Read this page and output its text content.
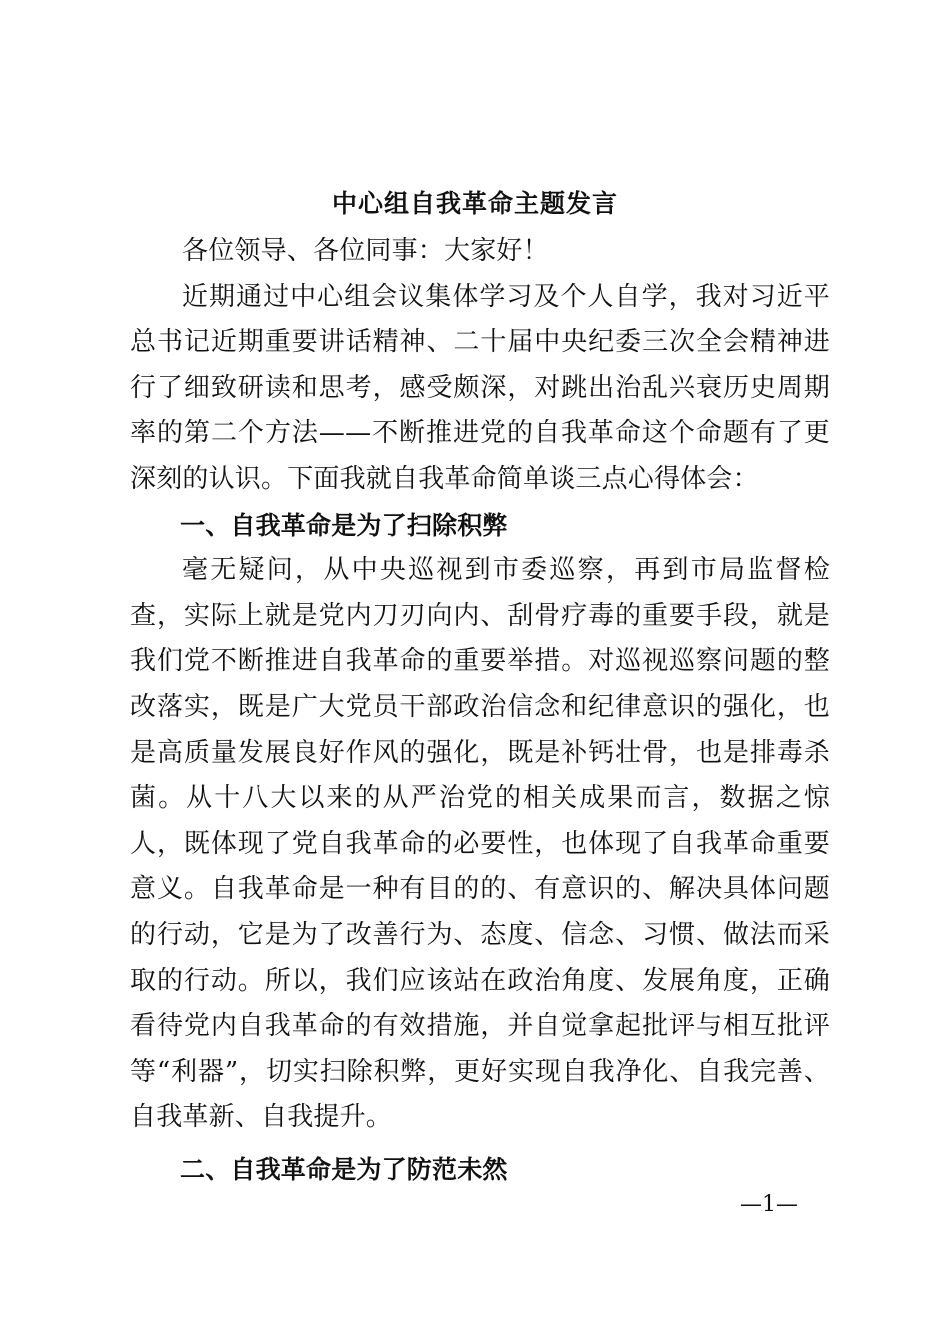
中心组自我革命主题发言

各位领导、各位同事：大家好！

近期通过中心组会议集体学习及个人自学，我对习近平总书记近期重要讲话精神、二十届中央纪委三次全会精神进行了细致研读和思考，感受颇深，对跳出治乱兴衰历史周期率的第二个方法——不断推进党的自我革命这个命题有了更深刻的认识。下面我就自我革命简单谈三点心得体会：

一、自我革命是为了扫除积弊

毫无疑问，从中央巡视到市委巡察，再到市局监督检查，实际上就是党内刀刃向内、刮骨疗毒的重要手段，就是我们党不断推进自我革命的重要举措。对巡视巡察问题的整改落实，既是广大党员干部政治信念和纪律意识的强化，也是高质量发展良好作风的强化，既是补钙壮骨，也是排毒杀菌。从十八大以来的从严治党的相关成果而言，数据之惊人，既体现了党自我革命的必要性，也体现了自我革命重要意义。自我革命是一种有目的的、有意识的、解决具体问题的行动，它是为了改善行为、态度、信念、习惯、做法而采取的行动。所以，我们应该站在政治角度、发展角度，正确看待党内自我革命的有效措施，并自觉拿起批评与相互批评等“利器”，切实扫除积弊，更好实现自我净化、自我完善、自我革新、自我提升。

二、自我革命是为了防范未然

—1—
